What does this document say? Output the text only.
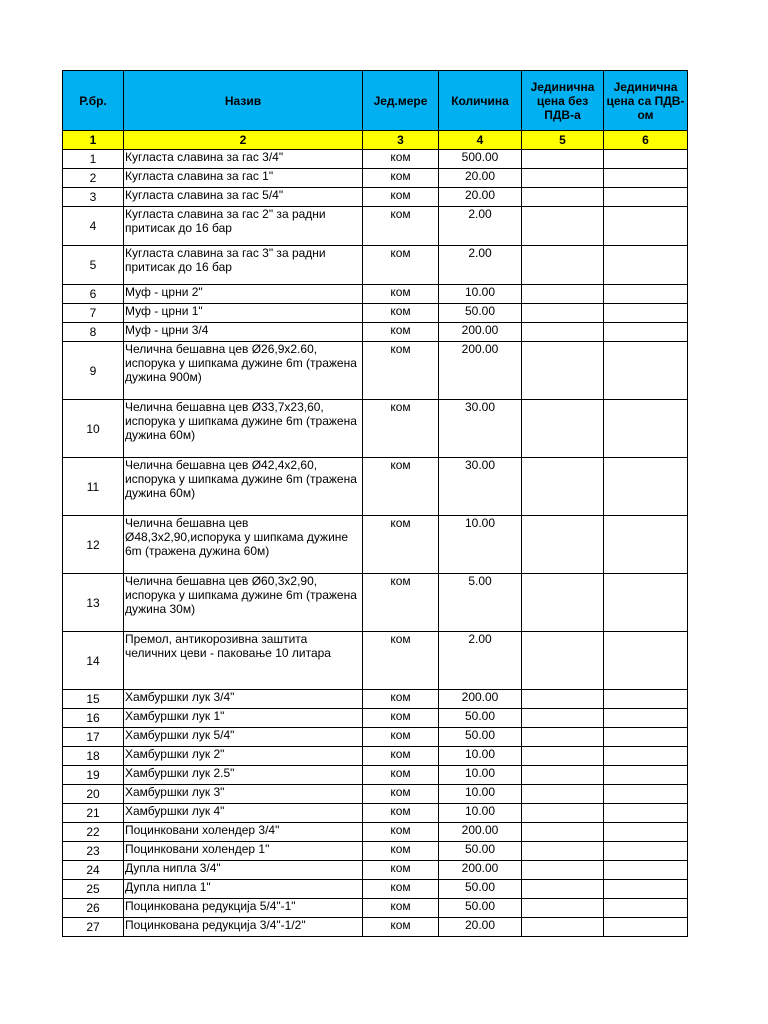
Р.бр.	Назив	Јед.мере	Количина	Јединична цена без ПДВ-а	Јединична цена са ПДВ-ом
1	2	3	4	5	6
1	Кугласта славина за гас 3/4"	ком	500.00		
2	Кугласта славина за гас 1"	ком	20.00		
3	Кугласта славина за гас 5/4"	ком	20.00		
4	Кугласта славина за гас 2" за радни притисак до 16 бар	ком	2.00		
5	Кугласта славина за гас 3" за радни притисак до 16 бар	ком	2.00		
6	Муф - црни 2"	ком	10.00		
7	Муф - црни 1"	ком	50.00		
8	Муф - црни 3/4	ком	200.00		
9	Челична бешавна цев Ø26,9x2.60, испорука у шипкама дужине 6m (тражена дужина 900м)	ком	200.00		
10	Челична бешавна цев Ø33,7x23,60, испорука у шипкама дужине 6m (тражена дужина 60м)	ком	30.00		
11	Челична бешавна цев Ø42,4x2,60, испорука у шипкама дужине 6m (тражена дужина 60м)	ком	30.00		
12	Челична бешавна цев Ø48,3x2,90,испорука у шипкама дужине 6m (тражена дужина 60м)	ком	10.00		
13	Челична бешавна цев Ø60,3x2,90, испорука у шипкама дужине 6m (тражена дужина 30м)	ком	5.00		
14	Премол, антикорозивна заштита челичних цеви - паковање 10 литара	ком	2.00		
15	Хамбуршки лук 3/4"	ком	200.00		
16	Хамбуршки лук 1"	ком	50.00		
17	Хамбуршки лук 5/4"	ком	50.00		
18	Хамбуршки лук 2"	ком	10.00		
19	Хамбуршки лук 2.5"	ком	10.00		
20	Хамбуршки лук 3"	ком	10.00		
21	Хамбуршки лук 4"	ком	10.00		
22	Поцинковани холендер 3/4"	ком	200.00		
23	Поцинковани холендер 1"	ком	50.00		
24	Дупла нипла 3/4"	ком	200.00		
25	Дупла нипла 1"	ком	50.00		
26	Поцинкована редукција 5/4"-1"	ком	50.00		
27	Поцинкована редукција 3/4"-1/2"	ком	20.00		
